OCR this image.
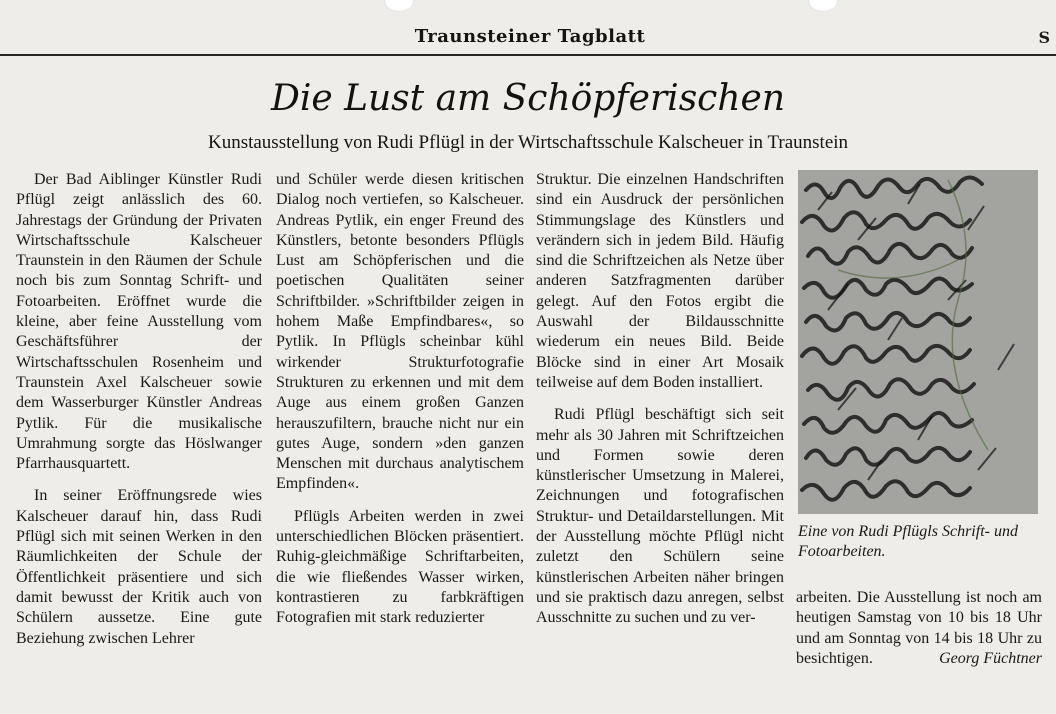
Traunsteiner Tagblatt	S
Die Lust am Schöpferischen
Kunstausstellung von Rudi Pflügl in der Wirtschaftsschule Kalscheuer in Traunstein

Der Bad Aiblinger Künstler Rudi Pflügl zeigt anlässlich des 60. Jahrestags der Gründung der Privaten Wirtschaftsschule Kalscheuer Traunstein in den Räumen der Schule noch bis zum Sonntag Schrift- und Fotoarbeiten. Eröffnet wurde die kleine, aber feine Ausstellung vom Geschäftsführer der Wirtschaftsschulen Rosenheim und Traunstein Axel Kalscheuer sowie dem Wasserburger Künstler Andreas Pytlik. Für die musikalische Umrahmung sorgte das Höslwanger Pfarrhausquartett.

In seiner Eröffnungsrede wies Kalscheuer darauf hin, dass Rudi Pflügl sich mit seinen Werken in den Räumlichkeiten der Schule der Öffentlichkeit präsentiere und sich damit bewusst der Kritik auch von Schülern aussetze. Eine gute Beziehung zwischen Lehrer

und Schüler werde diesen kritischen Dialog noch vertiefen, so Kalscheuer. Andreas Pytlik, ein enger Freund des Künstlers, betonte besonders Pflügls Lust am Schöpferischen und die poetischen Qualitäten seiner Schriftbilder. »Schriftbilder zeigen in hohem Maße Empfindbares«, so Pytlik. In Pflügls scheinbar kühl wirkender Strukturfotografie Strukturen zu erkennen und mit dem Auge aus einem großen Ganzen herauszufiltern, brauche nicht nur ein gutes Auge, sondern »den ganzen Menschen mit durchaus analytischem Empfinden«.

Pflügls Arbeiten werden in zwei unterschiedlichen Blöcken präsentiert. Ruhig-gleichmäßige Schriftarbeiten, die wie fließendes Wasser wirken, kontrastieren zu farbkräftigen Fotografien mit stark reduzierter

Struktur. Die einzelnen Handschriften sind ein Ausdruck der persönlichen Stimmungslage des Künstlers und verändern sich in jedem Bild. Häufig sind die Schriftzeichen als Netze über anderen Satzfragmenten darüber gelegt. Auf den Fotos ergibt die Auswahl der Bildausschnitte wiederum ein neues Bild. Beide Blöcke sind in einer Art Mosaik teilweise auf dem Boden installiert.

Rudi Pflügl beschäftigt sich seit mehr als 30 Jahren mit Schriftzeichen und Formen sowie deren künstlerischer Umsetzung in Malerei, Zeichnungen und fotografischen Struktur- und Detaildarstellungen. Mit der Ausstellung möchte Pflügl nicht zuletzt den Schülern seine künstlerischen Arbeiten näher bringen und sie praktisch dazu anregen, selbst Ausschnitte zu suchen und zu ver-

Eine von Rudi Pflügls Schrift- und Fotoarbeiten.

arbeiten. Die Ausstellung ist noch am heutigen Samstag von 10 bis 18 Uhr und am Sonntag von 14 bis 18 Uhr zu besichtigen.	Georg Füchtner
